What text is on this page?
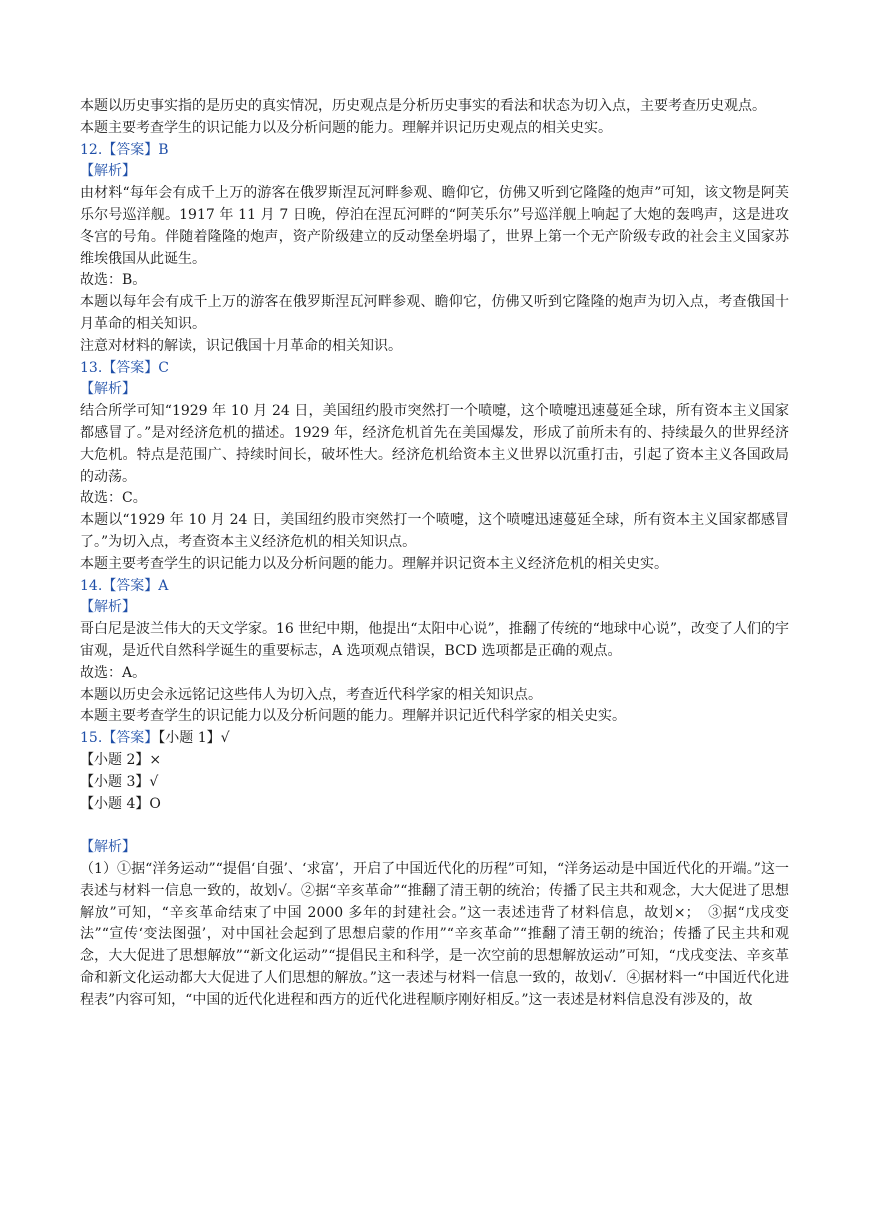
本题以历史事实指的是历史的真实情况，历史观点是分析历史事实的看法和状态为切入点，主要考查历史观点。

本题主要考查学生的识记能力以及分析问题的能力。理解并识记历史观点的相关史实。

12.【答案】B

【解析】

由材料“每年会有成千上万的游客在俄罗斯涅瓦河畔参观、瞻仰它，仿佛又听到它隆隆的炮声”可知，该文物是阿芙乐尔号巡洋舰。1917 年 11 月 7 日晚，停泊在涅瓦河畔的“阿芙乐尔”号巡洋舰上响起了大炮的轰鸣声，这是进攻冬宫的号角。伴随着隆隆的炮声，资产阶级建立的反动堡垒坍塌了，世界上第一个无产阶级专政的社会主义国家苏维埃俄国从此诞生。

故选：B。

本题以每年会有成千上万的游客在俄罗斯涅瓦河畔参观、瞻仰它，仿佛又听到它隆隆的炮声为切入点，考查俄国十月革命的相关知识。

注意对材料的解读，识记俄国十月革命的相关知识。

13.【答案】C

【解析】

结合所学可知“1929 年 10 月 24 日，美国纽约股市突然打一个喷嚏，这个喷嚏迅速蔓延全球，所有资本主义国家都感冒了。”是对经济危机的描述。1929 年，经济危机首先在美国爆发，形成了前所未有的、持续最久的世界经济大危机。特点是范围广、持续时间长，破坏性大。经济危机给资本主义世界以沉重打击，引起了资本主义各国政局的动荡。

故选：C。

本题以“1929 年 10 月 24 日，美国纽约股市突然打一个喷嚏，这个喷嚏迅速蔓延全球，所有资本主义国家都感冒了。”为切入点，考查资本主义经济危机的相关知识点。

本题主要考查学生的识记能力以及分析问题的能力。理解并识记资本主义经济危机的相关史实。

14.【答案】A

【解析】

哥白尼是波兰伟大的天文学家。16 世纪中期，他提出“太阳中心说”，推翻了传统的“地球中心说”，改变了人们的宇宙观，是近代自然科学诞生的重要标志，A 选项观点错误，BCD 选项都是正确的观点。

故选：A。

本题以历史会永远铭记这些伟人为切入点，考查近代科学家的相关知识点。

本题主要考查学生的识记能力以及分析问题的能力。理解并识记近代科学家的相关史实。

15.【答案】【小题 1】√

【小题 2】×

【小题 3】√

【小题 4】O

【解析】

（1）①据“洋务运动”“提倡‘自强’、‘求富’，开启了中国近代化的历程”可知，“洋务运动是中国近代化的开端。”这一表述与材料一信息一致的，故划√。②据“辛亥革命”“推翻了清王朝的统治；传播了民主共和观念，大大促进了思想解放”可知，“辛亥革命结束了中国 2000 多年的封建社会。”这一表述违背了材料信息，故划×；　③据“戊戌变法”“宣传‘变法图强’，对中国社会起到了思想启蒙的作用”“辛亥革命”“推翻了清王朝的统治；传播了民主共和观念，大大促进了思想解放”“新文化运动”“提倡民主和科学，是一次空前的思想解放运动”可知，“戊戌变法、辛亥革命和新文化运动都大大促进了人们思想的解放。”这一表述与材料一信息一致的，故划√．④据材料一“中国近代化进程表”内容可知，“中国的近代化进程和西方的近代化进程顺序刚好相反。”这一表述是材料信息没有涉及的，故
